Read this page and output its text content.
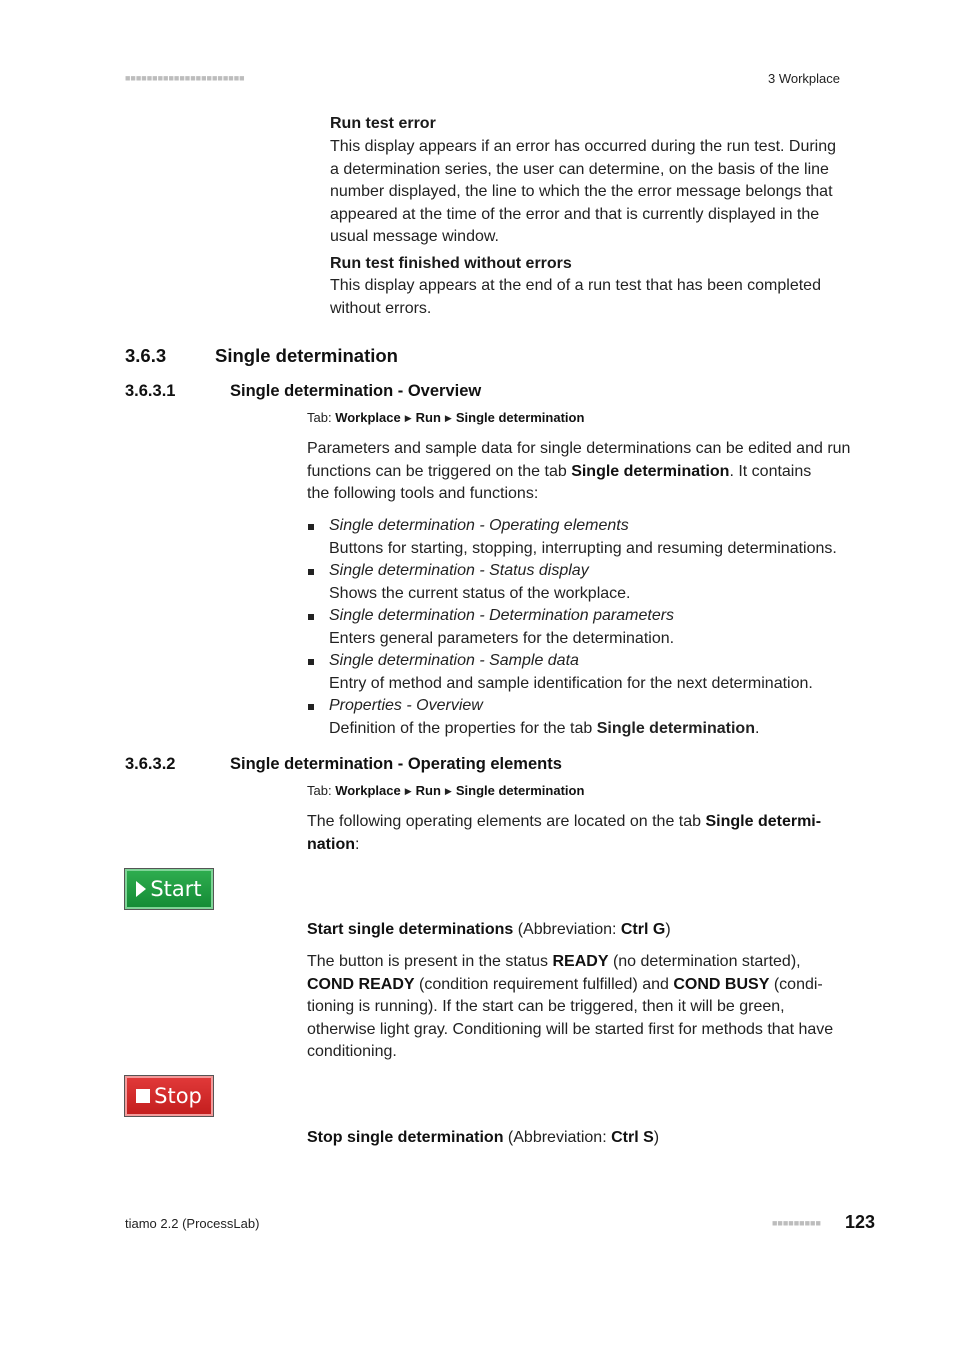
■■■■■■■■■■■■■■■■■■■■■■	3 Workplace
Run test error
This display appears if an error has occurred during the run test. During
a determination series, the user can determine, on the basis of the line
number displayed, the line to which the the error message belongs that
appeared at the time of the error and that is currently displayed in the
usual message window.
Run test finished without errors
This display appears at the end of a run test that has been completed
without errors.
3.6.3	Single determination
3.6.3.1	Single determination - Overview
Tab: Workplace ▶ Run ▶ Single determination
Parameters and sample data for single determinations can be edited and run
functions can be triggered on the tab Single determination. It contains
the following tools and functions:
Single determination - Operating elements
Buttons for starting, stopping, interrupting and resuming determinations.
Single determination - Status display
Shows the current status of the workplace.
Single determination - Determination parameters
Enters general parameters for the determination.
Single determination - Sample data
Entry of method and sample identification for the next determination.
Properties - Overview
Definition of the properties for the tab Single determination.
3.6.3.2	Single determination - Operating elements
Tab: Workplace ▶ Run ▶ Single determination
The following operating elements are located on the tab Single determi-
nation:
Start
Start single determinations (Abbreviation: Ctrl G)
The button is present in the status READY (no determination started),
COND READY (condition requirement fulfilled) and COND BUSY (condi-
tioning is running). If the start can be triggered, then it will be green,
otherwise light gray. Conditioning will be started first for methods that have
conditioning.
Stop
Stop single determination (Abbreviation: Ctrl S)
tiamo 2.2 (ProcessLab)	■■■■■■■■■ 123
